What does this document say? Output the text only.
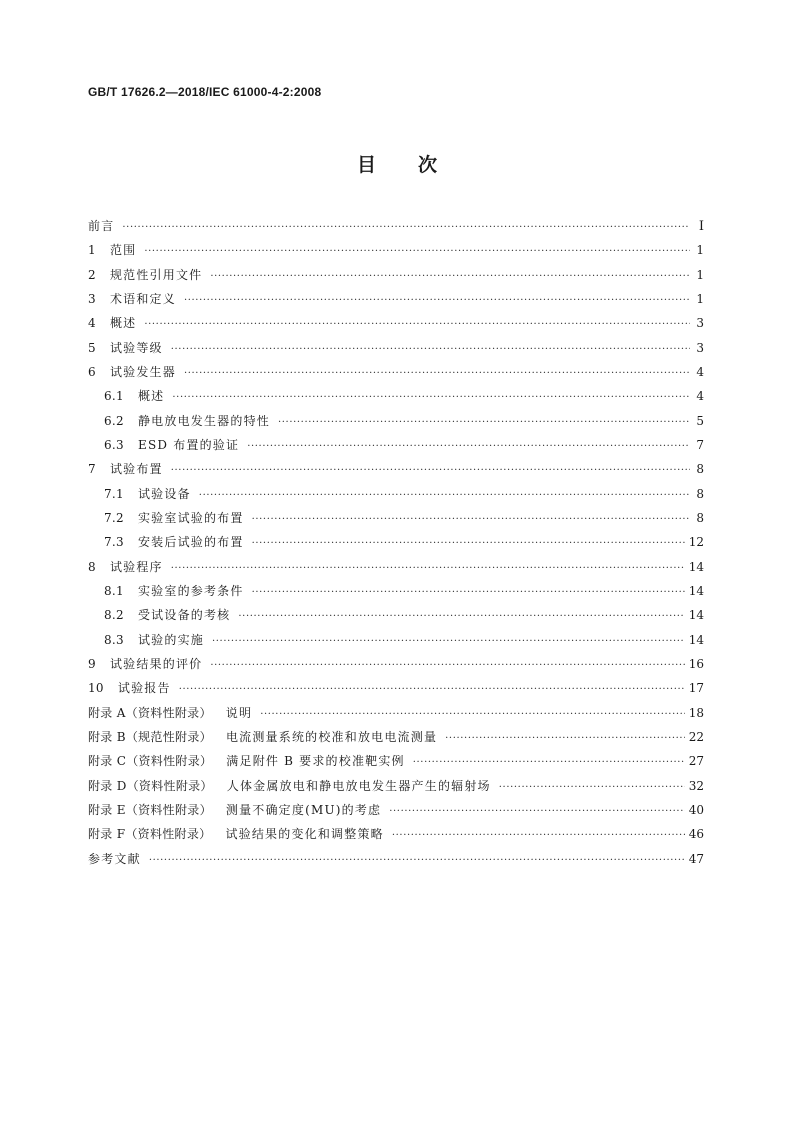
GB/T 17626.2—2018/IEC 61000-4-2:2008
目次
前言 ·····	Ⅰ
1 范围 ·····	1
2 规范性引用文件 ·····	1
3 术语和定义 ·····	1
4 概述 ·····	3
5 试验等级 ·····	3
6 试验发生器 ·····	4
6.1 概述 ·····	4
6.2 静电放电发生器的特性 ·····	5
6.3 ESD 布置的验证 ·····	7
7 试验布置 ·····	8
7.1 试验设备 ·····	8
7.2 实验室试验的布置 ·····	8
7.3 安装后试验的布置 ·····	12
8 试验程序 ·····	14
8.1 实验室的参考条件 ·····	14
8.2 受试设备的考核 ·····	14
8.3 试验的实施 ·····	14
9 试验结果的评价 ·····	16
10 试验报告 ·····	17
附录 A（资料性附录） 说明 ·····	18
附录 B（规范性附录） 电流测量系统的校准和放电电流测量 ·····	22
附录 C（资料性附录） 满足附件 B 要求的校准靶实例 ·····	27
附录 D（资料性附录） 人体金属放电和静电放电发生器产生的辐射场 ·····	32
附录 E（资料性附录） 测量不确定度(MU)的考虑 ·····	40
附录 F（资料性附录） 试验结果的变化和调整策略 ·····	46
参考文献 ·····	47
